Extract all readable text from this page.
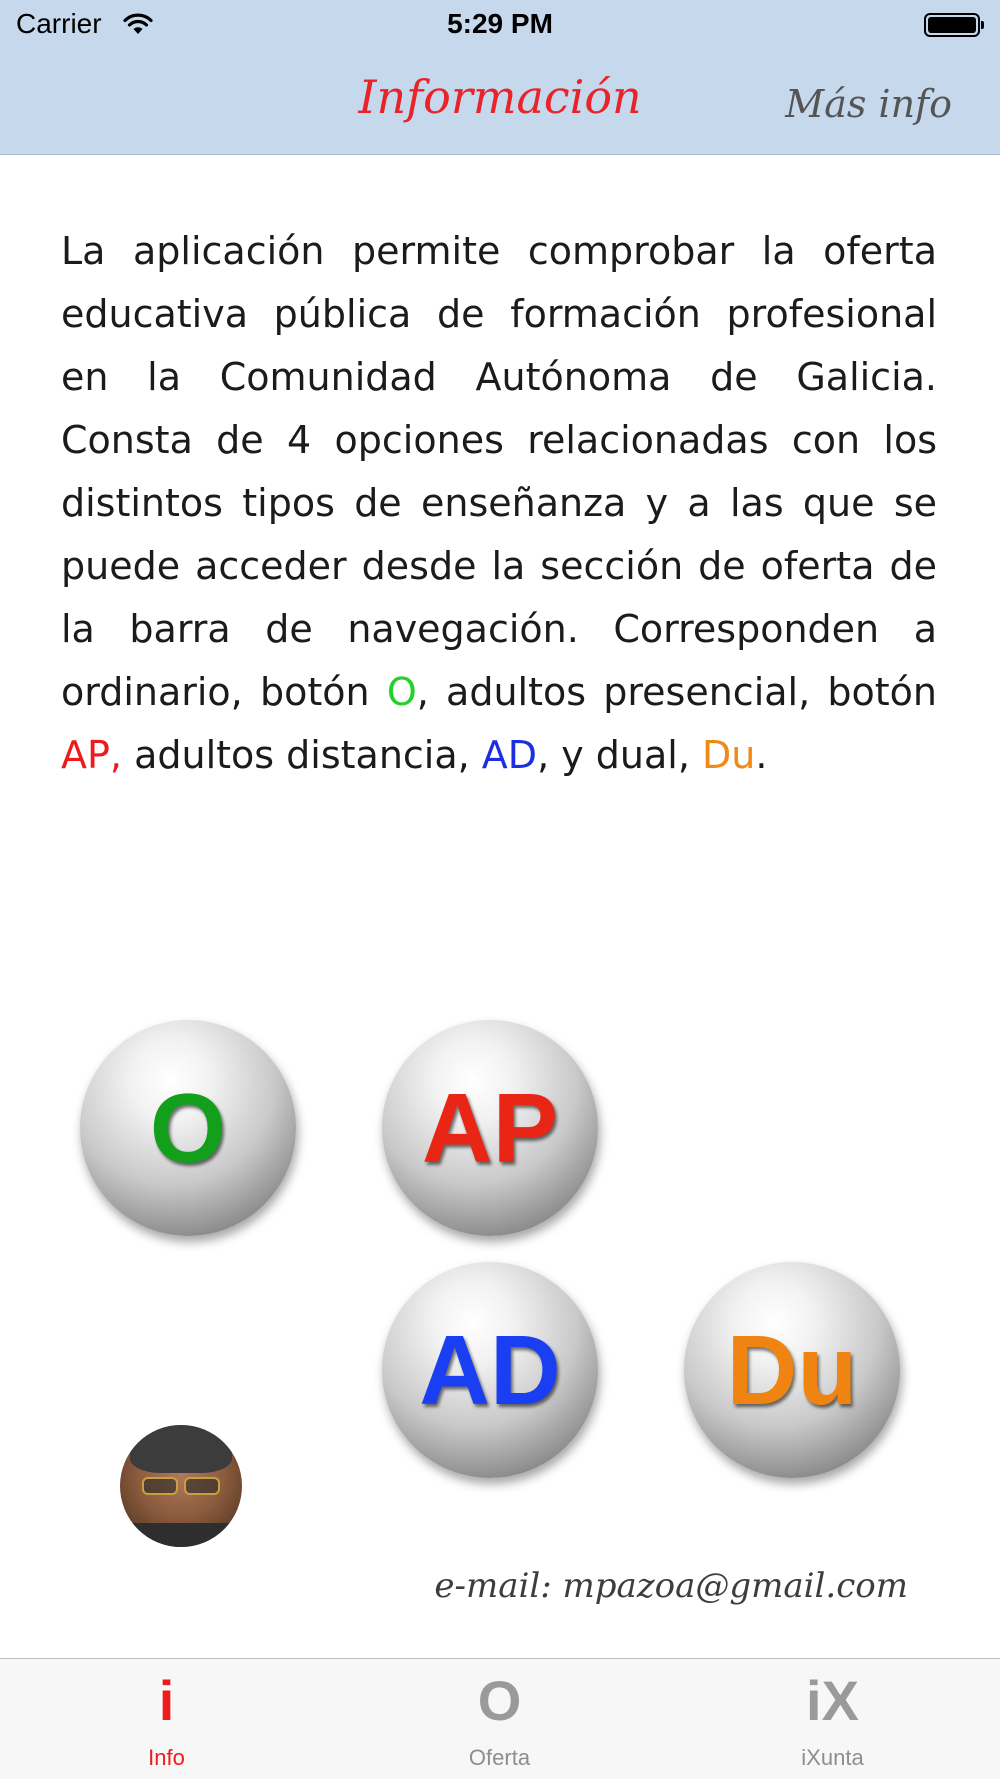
Carrier	5:29 PM
Información	Más info
La aplicación permite comprobar la oferta educativa pública de formación profesional en la Comunidad Autónoma de Galicia. Consta de 4 opciones relacionadas con los distintos tipos de enseñanza y a las que se puede acceder desde la sección de oferta de la barra de navegación. Corresponden a ordinario, botón O, adultos presencial, botón AP, adultos distancia, AD, y dual, Du.
O	AP
AD	Du
e-mail: mpazoa@gmail.com
i
Info
O
Oferta
iX
iXunta
